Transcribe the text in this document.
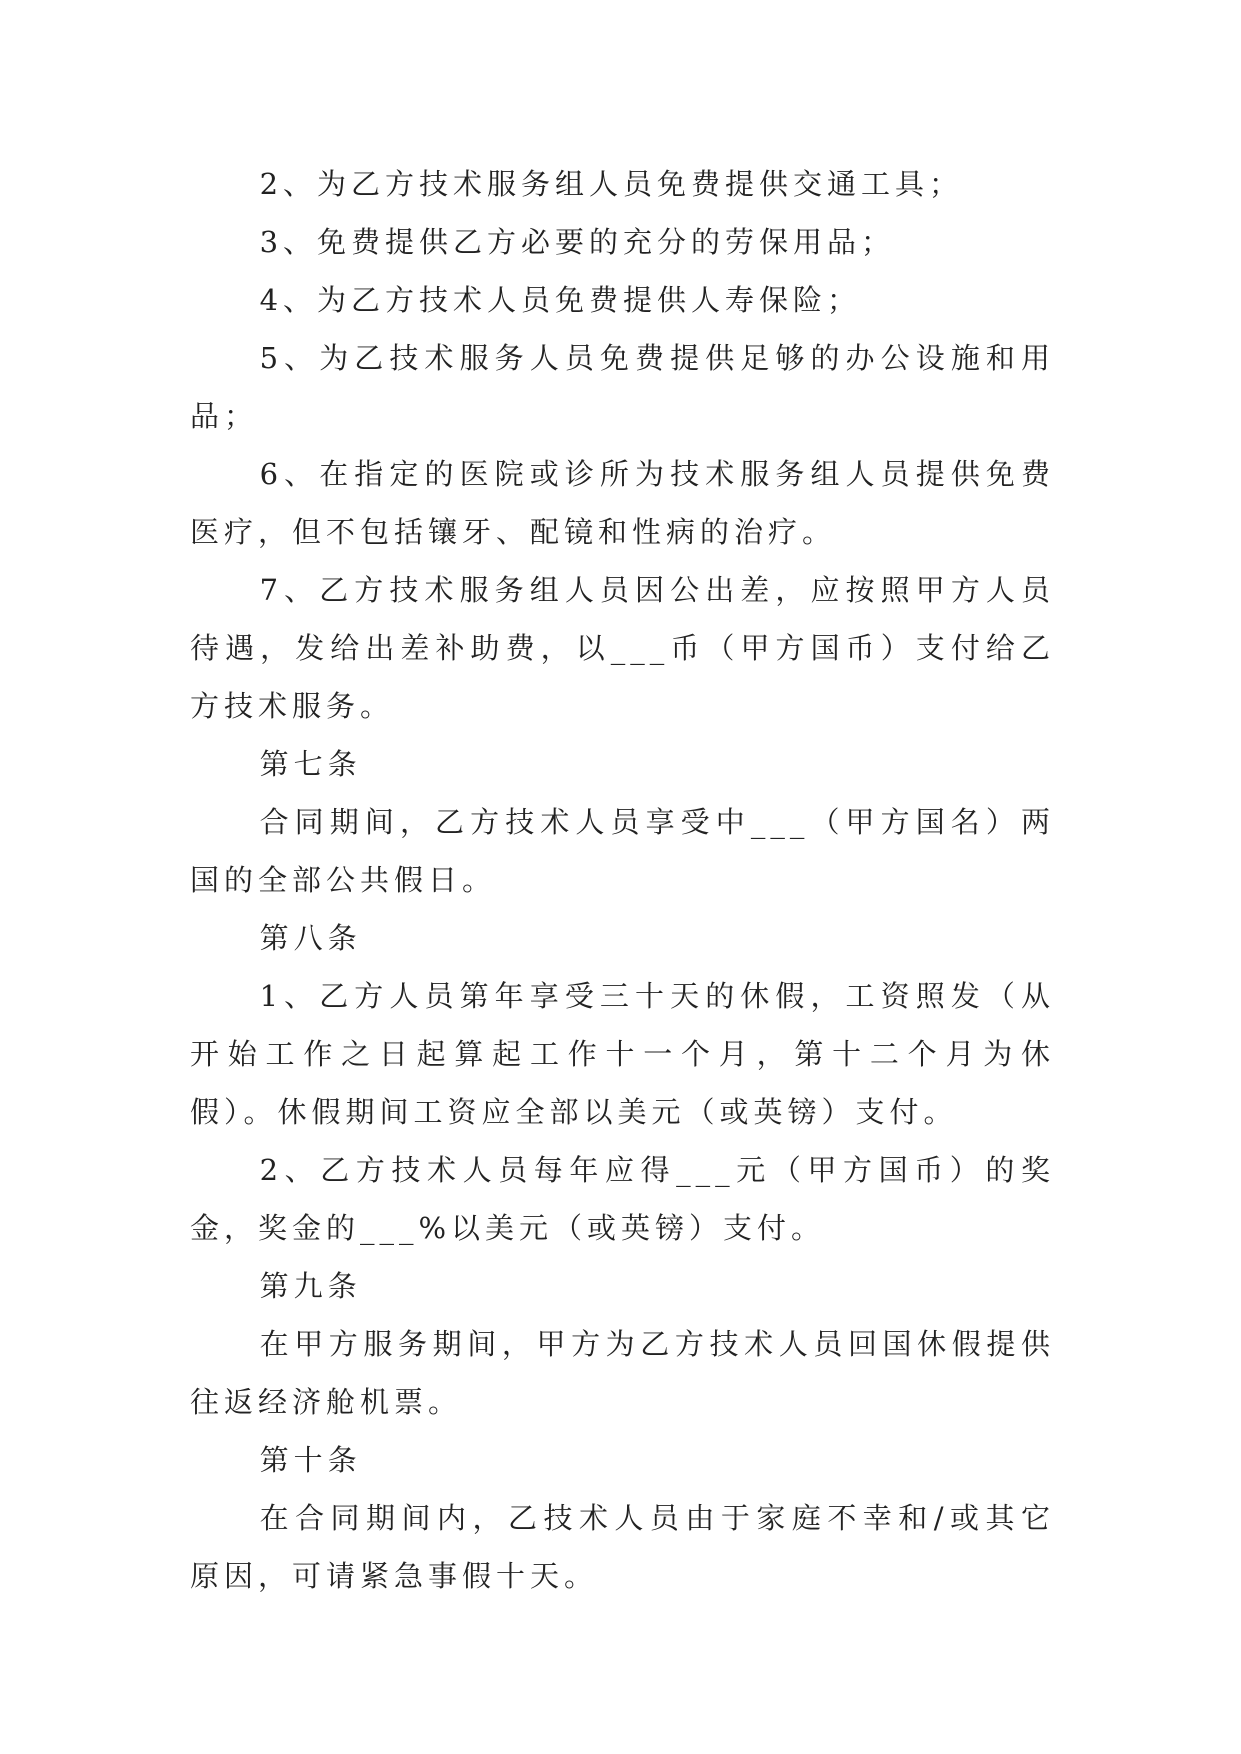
2、为乙方技术服务组人员免费提供交通工具；

3、免费提供乙方必要的充分的劳保用品；

4、为乙方技术人员免费提供人寿保险；

5、为乙技术服务人员免费提供足够的办公设施和用品；

6、在指定的医院或诊所为技术服务组人员提供免费医疗，但不包括镶牙、配镜和性病的治疗。

7、乙方技术服务组人员因公出差，应按照甲方人员待遇，发给出差补助费，以___币（甲方国币）支付给乙方技术服务。

第七条

合同期间，乙方技术人员享受中___（甲方国名）两国的全部公共假日。

第八条

1、乙方人员第年享受三十天的休假，工资照发（从开始工作之日起算起工作十一个月，第十二个月为休假）。休假期间工资应全部以美元（或英镑）支付。

2、乙方技术人员每年应得___元（甲方国币）的奖金，奖金的___%以美元（或英镑）支付。

第九条

在甲方服务期间，甲方为乙方技术人员回国休假提供往返经济舱机票。

第十条

在合同期间内，乙技术人员由于家庭不幸和/或其它原因，可请紧急事假十天。
